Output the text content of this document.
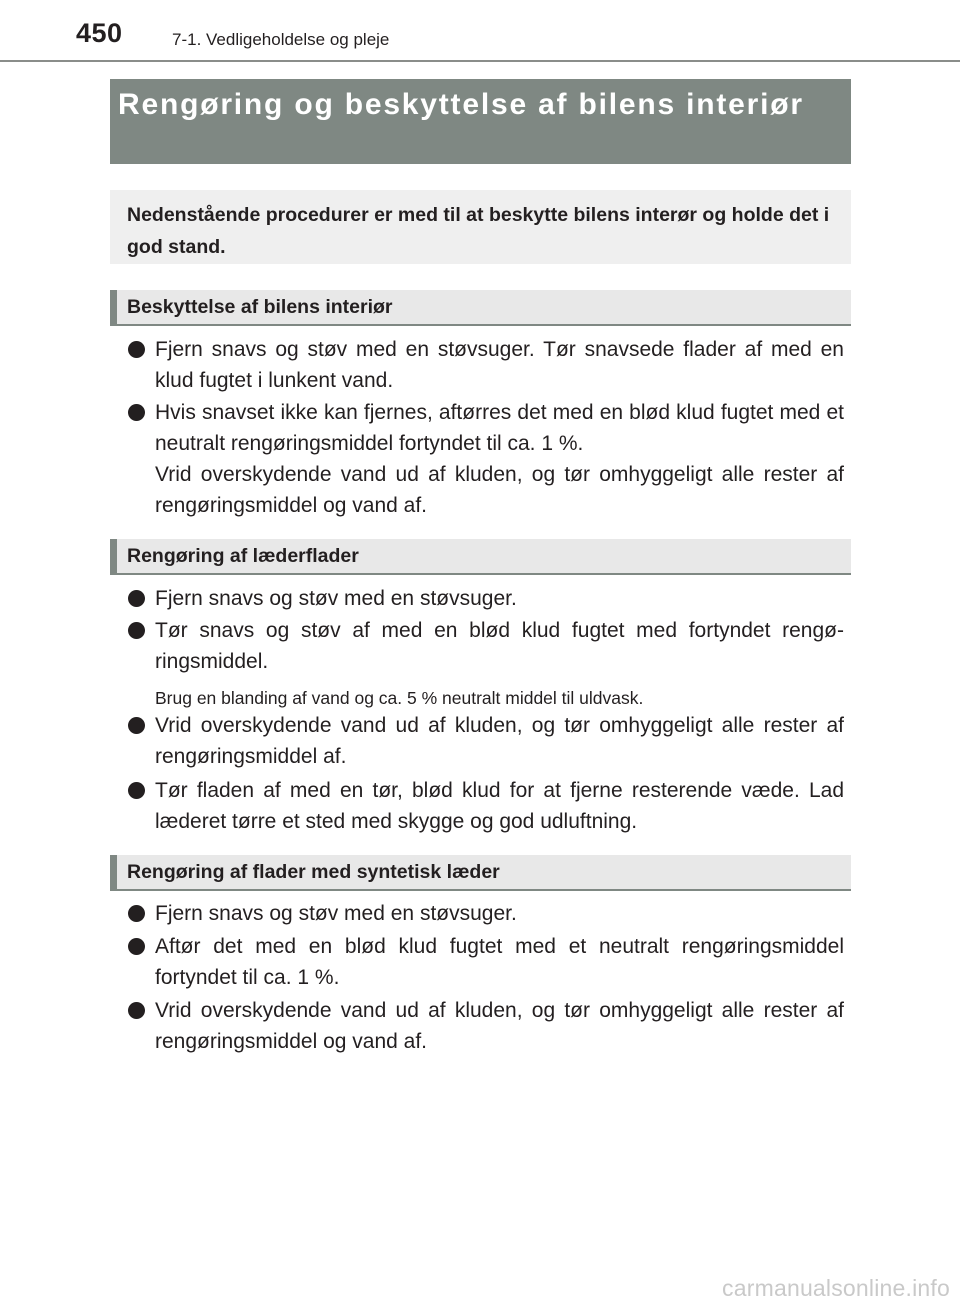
450	7-1. Vedligeholdelse og pleje
Rengøring og beskyttelse af bilens interiør
Nedenstående procedurer er med til at beskytte bilens interør og holde det i god stand.
Beskyttelse af bilens interiør
Fjern snavs og støv med en støvsuger. Tør snavsede flader af med en klud fugtet i lunkent vand.
Hvis snavset ikke kan fjernes, aftørres det med en blød klud fugtet med et neutralt rengøringsmiddel fortyndet til ca. 1 %.
Vrid overskydende vand ud af kluden, og tør omhyggeligt alle rester af rengøringsmiddel og vand af.
Rengøring af læderflader
Fjern snavs og støv med en støvsuger.
Tør snavs og støv af med en blød klud fugtet med fortyndet rengø-ringsmiddel.
Brug en blanding af vand og ca. 5 % neutralt middel til uldvask.
Vrid overskydende vand ud af kluden, og tør omhyggeligt alle rester af rengøringsmiddel af.
Tør fladen af med en tør, blød klud for at fjerne resterende væde. Lad læderet tørre et sted med skygge og god udluftning.
Rengøring af flader med syntetisk læder
Fjern snavs og støv med en støvsuger.
Aftør det med en blød klud fugtet med et neutralt rengøringsmiddel fortyndet til ca. 1 %.
Vrid overskydende vand ud af kluden, og tør omhyggeligt alle rester af rengøringsmiddel og vand af.
carmanualsonline.info
